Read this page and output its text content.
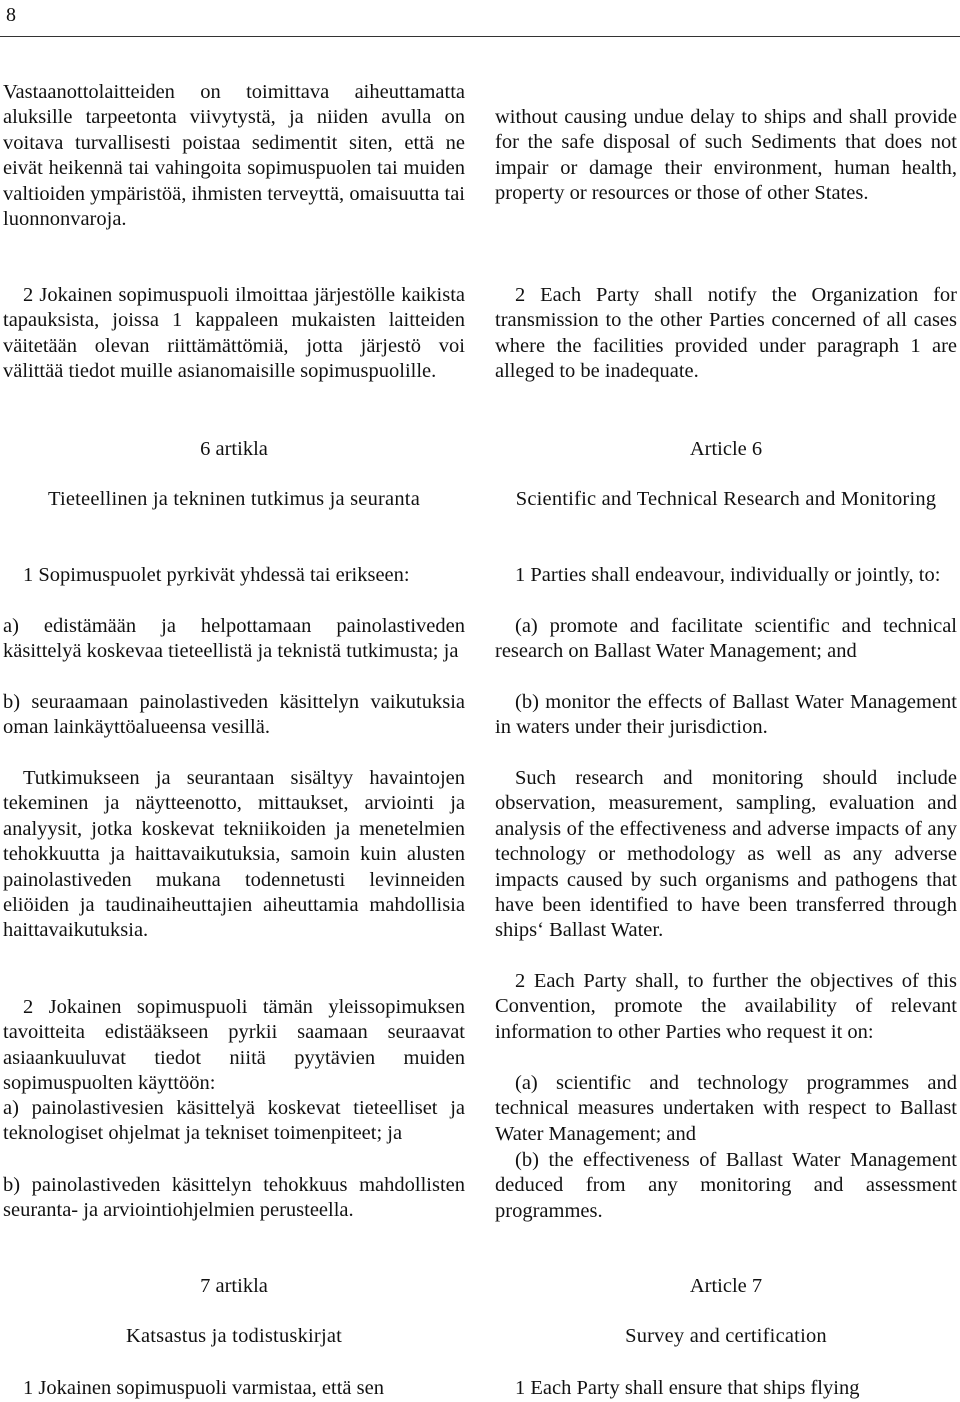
8

Vastaanottolaitteiden on toimittava aiheuttamatta aluksille tarpeetonta viivytystä, ja niiden avulla on voitava turvallisesti poistaa sedimentit siten, että ne eivät heikennä tai vahingoita sopimuspuolen tai muiden valtioiden ympäristöä, ihmisten terveyttä, omaisuutta tai luonnonvaroja.

2 Jokainen sopimuspuoli ilmoittaa järjestölle kaikista tapauksista, joissa 1 kappaleen mukaisten laitteiden väitetään olevan riittämättömiä, jotta järjestö voi välittää tiedot muille asianomaisille sopimuspuolille.

6 artikla

Tieteellinen ja tekninen tutkimus ja seuranta

1 Sopimuspuolet pyrkivät yhdessä tai erikseen:

a) edistämään ja helpottamaan painolastiveden käsittelyä koskevaa tieteellistä ja teknistä tutkimusta; ja

b) seuraamaan painolastiveden käsittelyn vaikutuksia oman lainkäyttöalueensa vesillä.

Tutkimukseen ja seurantaan sisältyy havaintojen tekeminen ja näytteenotto, mittaukset, arviointi ja analyysit, jotka koskevat tekniikoiden ja menetelmien tehokkuutta ja haittavaikutuksia, samoin kuin alusten painolastiveden mukana todennetusti levinneiden eliöiden ja taudinaiheuttajien aiheuttamia mahdollisia haittavaikutuksia.

2 Jokainen sopimuspuoli tämän yleissopimuksen tavoitteita edistääkseen pyrkii saamaan seuraavat asiaankuuluvat tiedot niitä pyytävien muiden sopimuspuolten käyttöön:

a) painolastivesien käsittelyä koskevat tieteelliset ja teknologiset ohjelmat ja tekniset toimenpiteet; ja

b) painolastiveden käsittelyn tehokkuus mahdollisten seuranta- ja arviointiohjelmien perusteella.

7 artikla

Katsastus ja todistuskirjat

1 Jokainen sopimuspuoli varmistaa, että sen

without causing undue delay to ships and shall provide for the safe disposal of such Sediments that does not impair or damage their environment, human health, property or resources or those of other States.

2 Each Party shall notify the Organization for transmission to the other Parties concerned of all cases where the facilities provided under paragraph 1 are alleged to be inadequate.

Article 6

Scientific and Technical Research and Monitoring

1 Parties shall endeavour, individually or jointly, to:

(a) promote and facilitate scientific and technical research on Ballast Water Management; and

(b) monitor the effects of Ballast Water Management in waters under their jurisdiction.

Such research and monitoring should include observation, measurement, sampling, evaluation and analysis of the effectiveness and adverse impacts of any technology or methodology as well as any adverse impacts caused by such organisms and pathogens that have been identified to have been transferred through ships‘ Ballast Water.

2 Each Party shall, to further the objectives of this Convention, promote the availability of relevant information to other Parties who request it on:

(a) scientific and technology programmes and technical measures undertaken with respect to Ballast Water Management; and

(b) the effectiveness of Ballast Water Management deduced from any monitoring and assessment programmes.

Article 7

Survey and certification

1 Each Party shall ensure that ships flying
